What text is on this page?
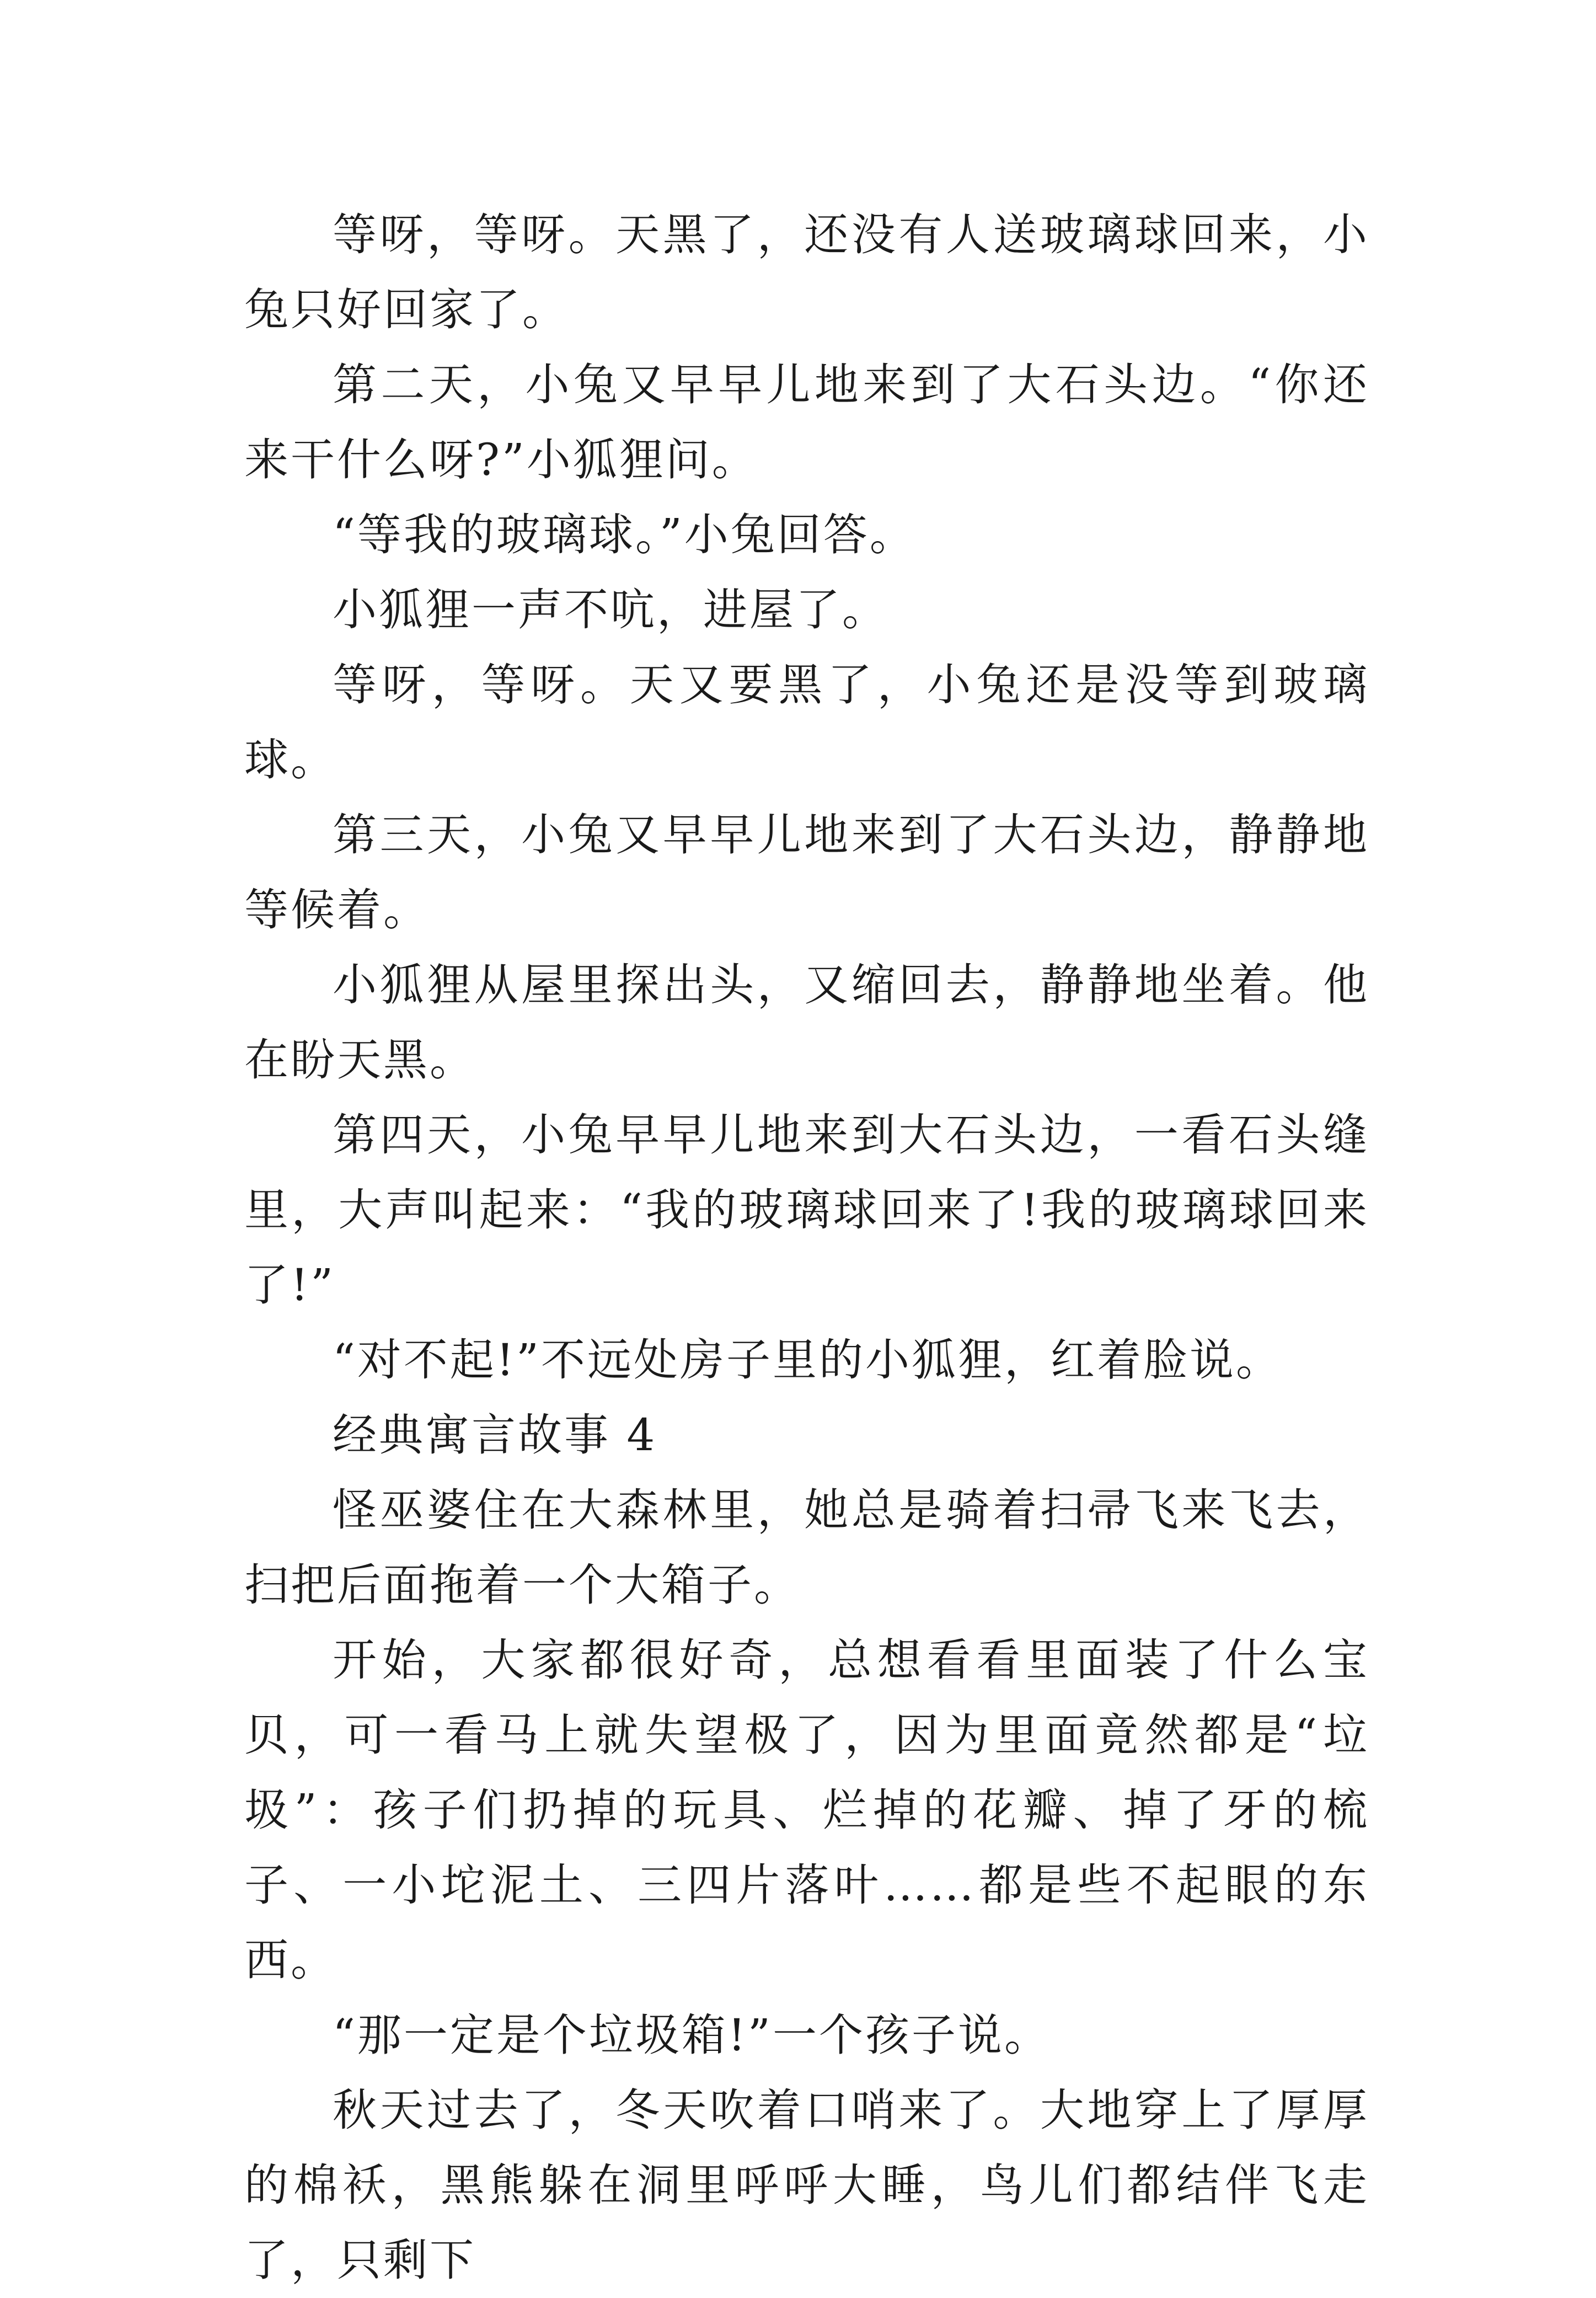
等呀，等呀。天黑了，还没有人送玻璃球回来，小兔只好回家了。

第二天，小兔又早早儿地来到了大石头边。“你还来干什么呀?”小狐狸问。

“等我的玻璃球。”小兔回答。

小狐狸一声不吭，进屋了。

等呀，等呀。天又要黑了，小兔还是没等到玻璃球。

第三天，小兔又早早儿地来到了大石头边，静静地等候着。

小狐狸从屋里探出头，又缩回去，静静地坐着。他在盼天黑。

第四天，小兔早早儿地来到大石头边，一看石头缝里，大声叫起来：“我的玻璃球回来了!我的玻璃球回来了!”

“对不起!”不远处房子里的小狐狸，红着脸说。

经典寓言故事 4

怪巫婆住在大森林里，她总是骑着扫帚飞来飞去，扫把后面拖着一个大箱子。

开始，大家都很好奇，总想看看里面装了什么宝贝，可一看马上就失望极了，因为里面竟然都是“垃圾”：孩子们扔掉的玩具、烂掉的花瓣、掉了牙的梳子、一小坨泥土、三四片落叶……都是些不起眼的东西。

“那一定是个垃圾箱!”一个孩子说。

秋天过去了，冬天吹着口哨来了。大地穿上了厚厚的棉袄，黑熊躲在洞里呼呼大睡，鸟儿们都结伴飞走了，只剩下
